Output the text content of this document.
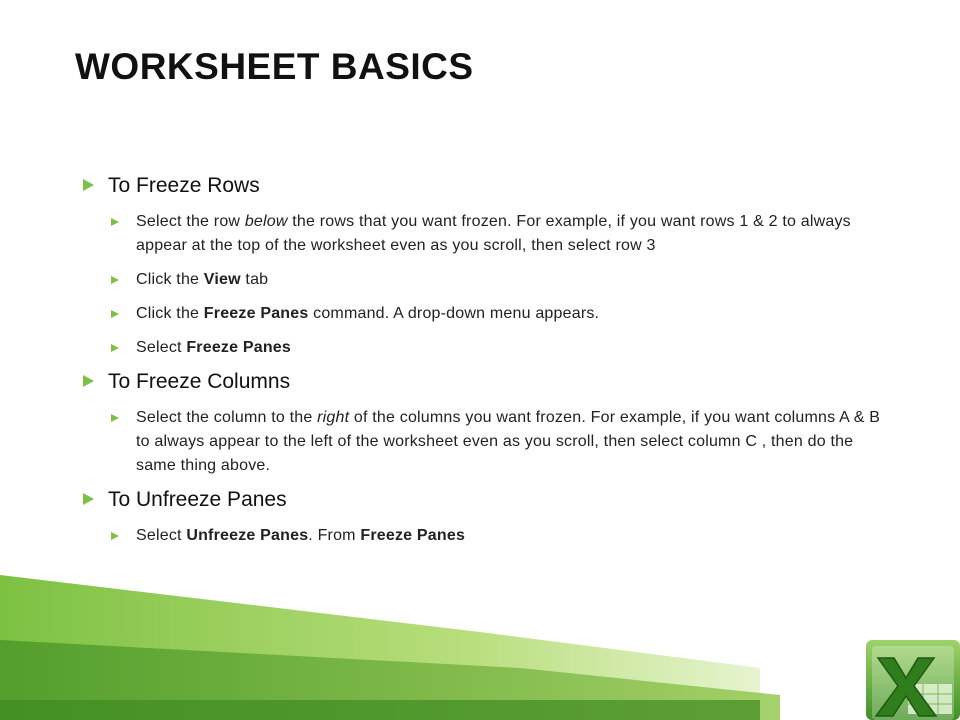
WORKSHEET BASICS
To Freeze Rows
Select the row below the rows that you want frozen. For example, if you want rows 1 & 2 to always appear at the top of the worksheet even as you scroll, then select row 3
Click the View tab
Click the Freeze Panes command. A drop-down menu appears.
Select Freeze Panes
To Freeze Columns
Select the column to the right of the columns you want frozen. For example, if you want columns A & B to always appear to the left of the worksheet even as you scroll, then select column C , then do the same thing above.
To Unfreeze Panes
Select Unfreeze Panes. From Freeze Panes
